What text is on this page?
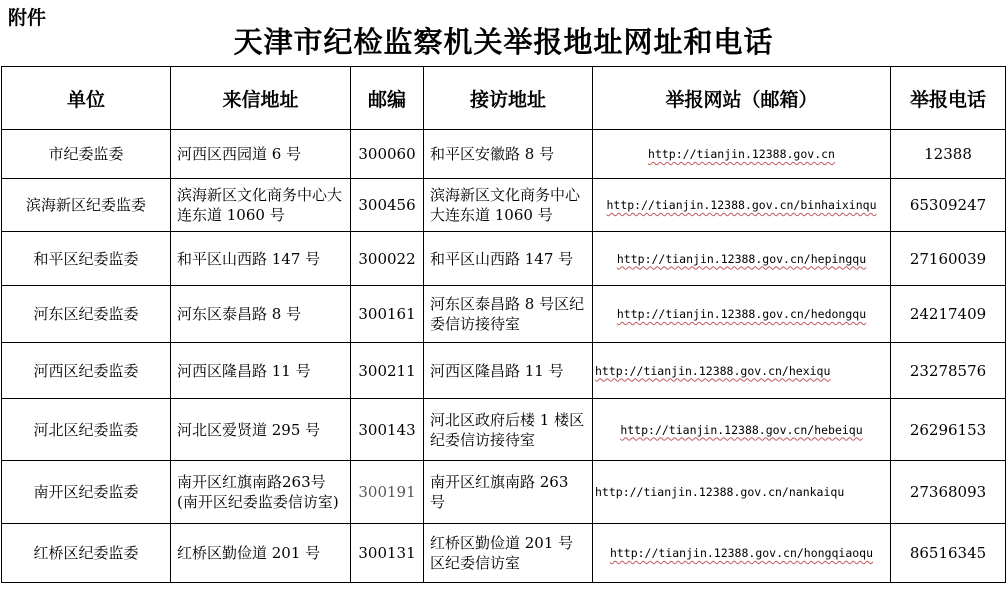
附件
天津市纪检监察机关举报地址网址和电话
单位	来信地址	邮编	接访地址	举报网站（邮箱）	举报电话
市纪委监委	河西区西园道 6 号	300060	和平区安徽路 8 号	http://tianjin.12388.gov.cn	12388
滨海新区纪委监委	滨海新区文化商务中心大连东道 1060 号	300456	滨海新区文化商务中心大连东道 1060 号	http://tianjin.12388.gov.cn/binhaixinqu	65309247
和平区纪委监委	和平区山西路 147 号	300022	和平区山西路 147 号	http://tianjin.12388.gov.cn/hepingqu	27160039
河东区纪委监委	河东区泰昌路 8 号	300161	河东区泰昌路 8 号区纪委信访接待室	http://tianjin.12388.gov.cn/hedongqu	24217409
河西区纪委监委	河西区隆昌路 11 号	300211	河西区隆昌路 11 号	http://tianjin.12388.gov.cn/hexiqu	23278576
河北区纪委监委	河北区爱贤道 295 号	300143	河北区政府后楼 1 楼区纪委信访接待室	http://tianjin.12388.gov.cn/hebeiqu	26296153
南开区纪委监委	南开区红旗南路263号(南开区纪委监委信访室)	300191	南开区红旗南路 263 号	http://tianjin.12388.gov.cn/nankaiqu	27368093
红桥区纪委监委	红桥区勤俭道 201 号	300131	红桥区勤俭道 201 号区纪委信访室	http://tianjin.12388.gov.cn/hongqiaoqu	86516345
